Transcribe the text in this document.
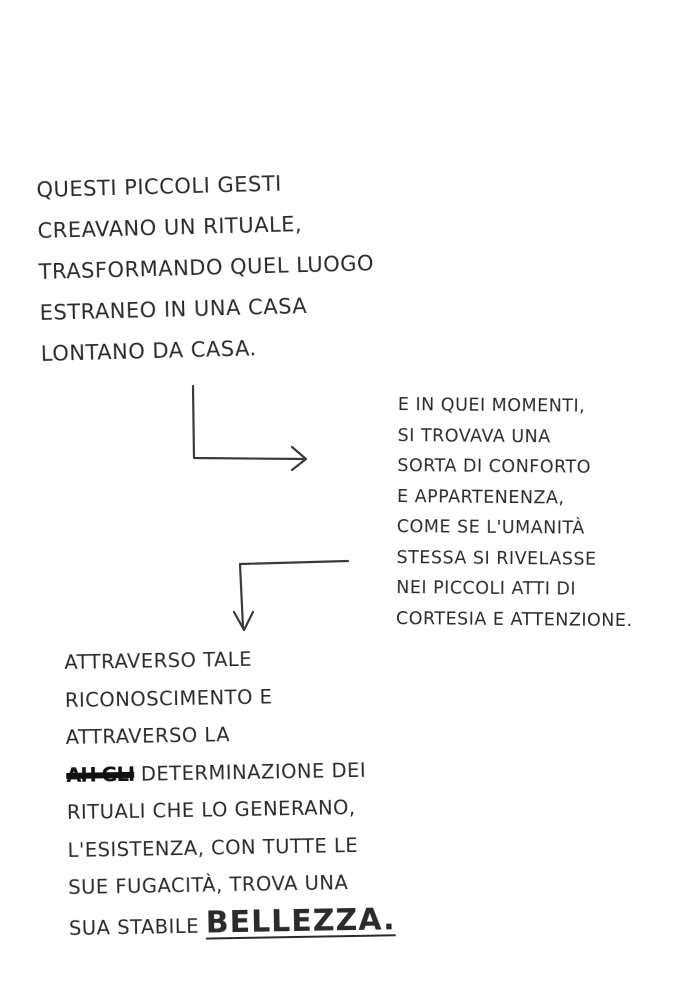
QUESTI PICCOLI GESTI
CREAVANO UN RITUALE,
TRASFORMANDO QUEL LUOGO
ESTRANEO IN UNA CASA
LONTANO DA CASA.
E IN QUEI MOMENTI,
SI TROVAVA UNA
SORTA DI CONFORTO
E APPARTENENZA,
COME SE L'UMANITÀ
STESSA SI RIVELASSE
NEI PICCOLI ATTI DI
CORTESIA E ATTENZIONE.
ATTRAVERSO TALE
RICONOSCIMENTO E
ATTRAVERSO LA
AH GLI DETERMINAZIONE DEI
RITUALI CHE LO GENERANO,
L'ESISTENZA, CON TUTTE LE
SUE FUGACITÀ, TROVA UNA
SUA STABILE BELLEZZA.
